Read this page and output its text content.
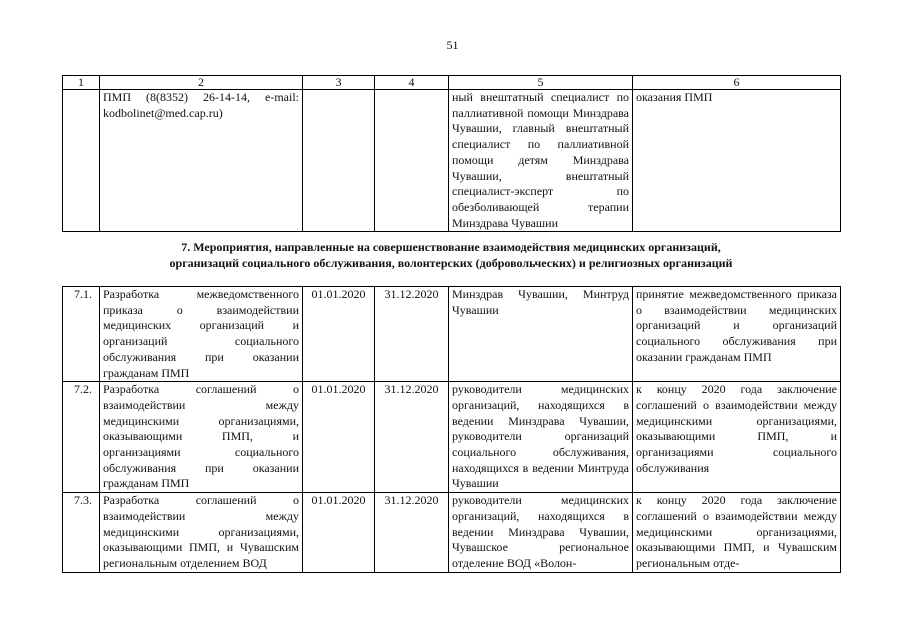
51
1	2	3	4	5	6
	ПМП (8(8352) 26-14-14, e-mail: kodbolinet@med.cap.ru)			ный внештатный специалист по паллиативной помощи Минздрава Чувашии, главный внештатный специалист по паллиативной помощи детям Минздрава Чувашии, внештатный специалист-эксперт по обезболивающей терапии Минздрава Чувашии	оказания ПМП
7. Мероприятия, направленные на совершенствование взаимодействия медицинских организаций,
организаций социального обслуживания, волонтерских (добровольческих) и религиозных организаций
7.1.	Разработка межведомственного приказа о взаимодействии медицинских организаций и организаций социального обслуживания при оказании гражданам ПМП	01.01.2020	31.12.2020	Минздрав Чувашии, Минтруд Чувашии	принятие межведомственного приказа о взаимодействии медицинских организаций и организаций социального обслуживания при оказании гражданам ПМП
7.2.	Разработка соглашений о взаимодействии между медицинскими организациями, оказывающими ПМП, и организациями социального обслуживания при оказании гражданам ПМП	01.01.2020	31.12.2020	руководители медицинских организаций, находящихся в ведении Минздрава Чувашии, руководители организаций социального обслуживания, находящихся в ведении Минтруда Чувашии	к концу 2020 года заключение соглашений о взаимодействии между медицинскими организациями, оказывающими ПМП, и организациями социального обслуживания
7.3.	Разработка соглашений о взаимодействии между медицинскими организациями, оказывающими ПМП, и Чувашским региональным отделением ВОД	01.01.2020	31.12.2020	руководители медицинских организаций, находящихся в ведении Минздрава Чувашии, Чувашское региональное отделение ВОД «Волон-	к концу 2020 года заключение соглашений о взаимодействии между медицинскими организациями, оказывающими ПМП, и Чувашским региональным отде-
